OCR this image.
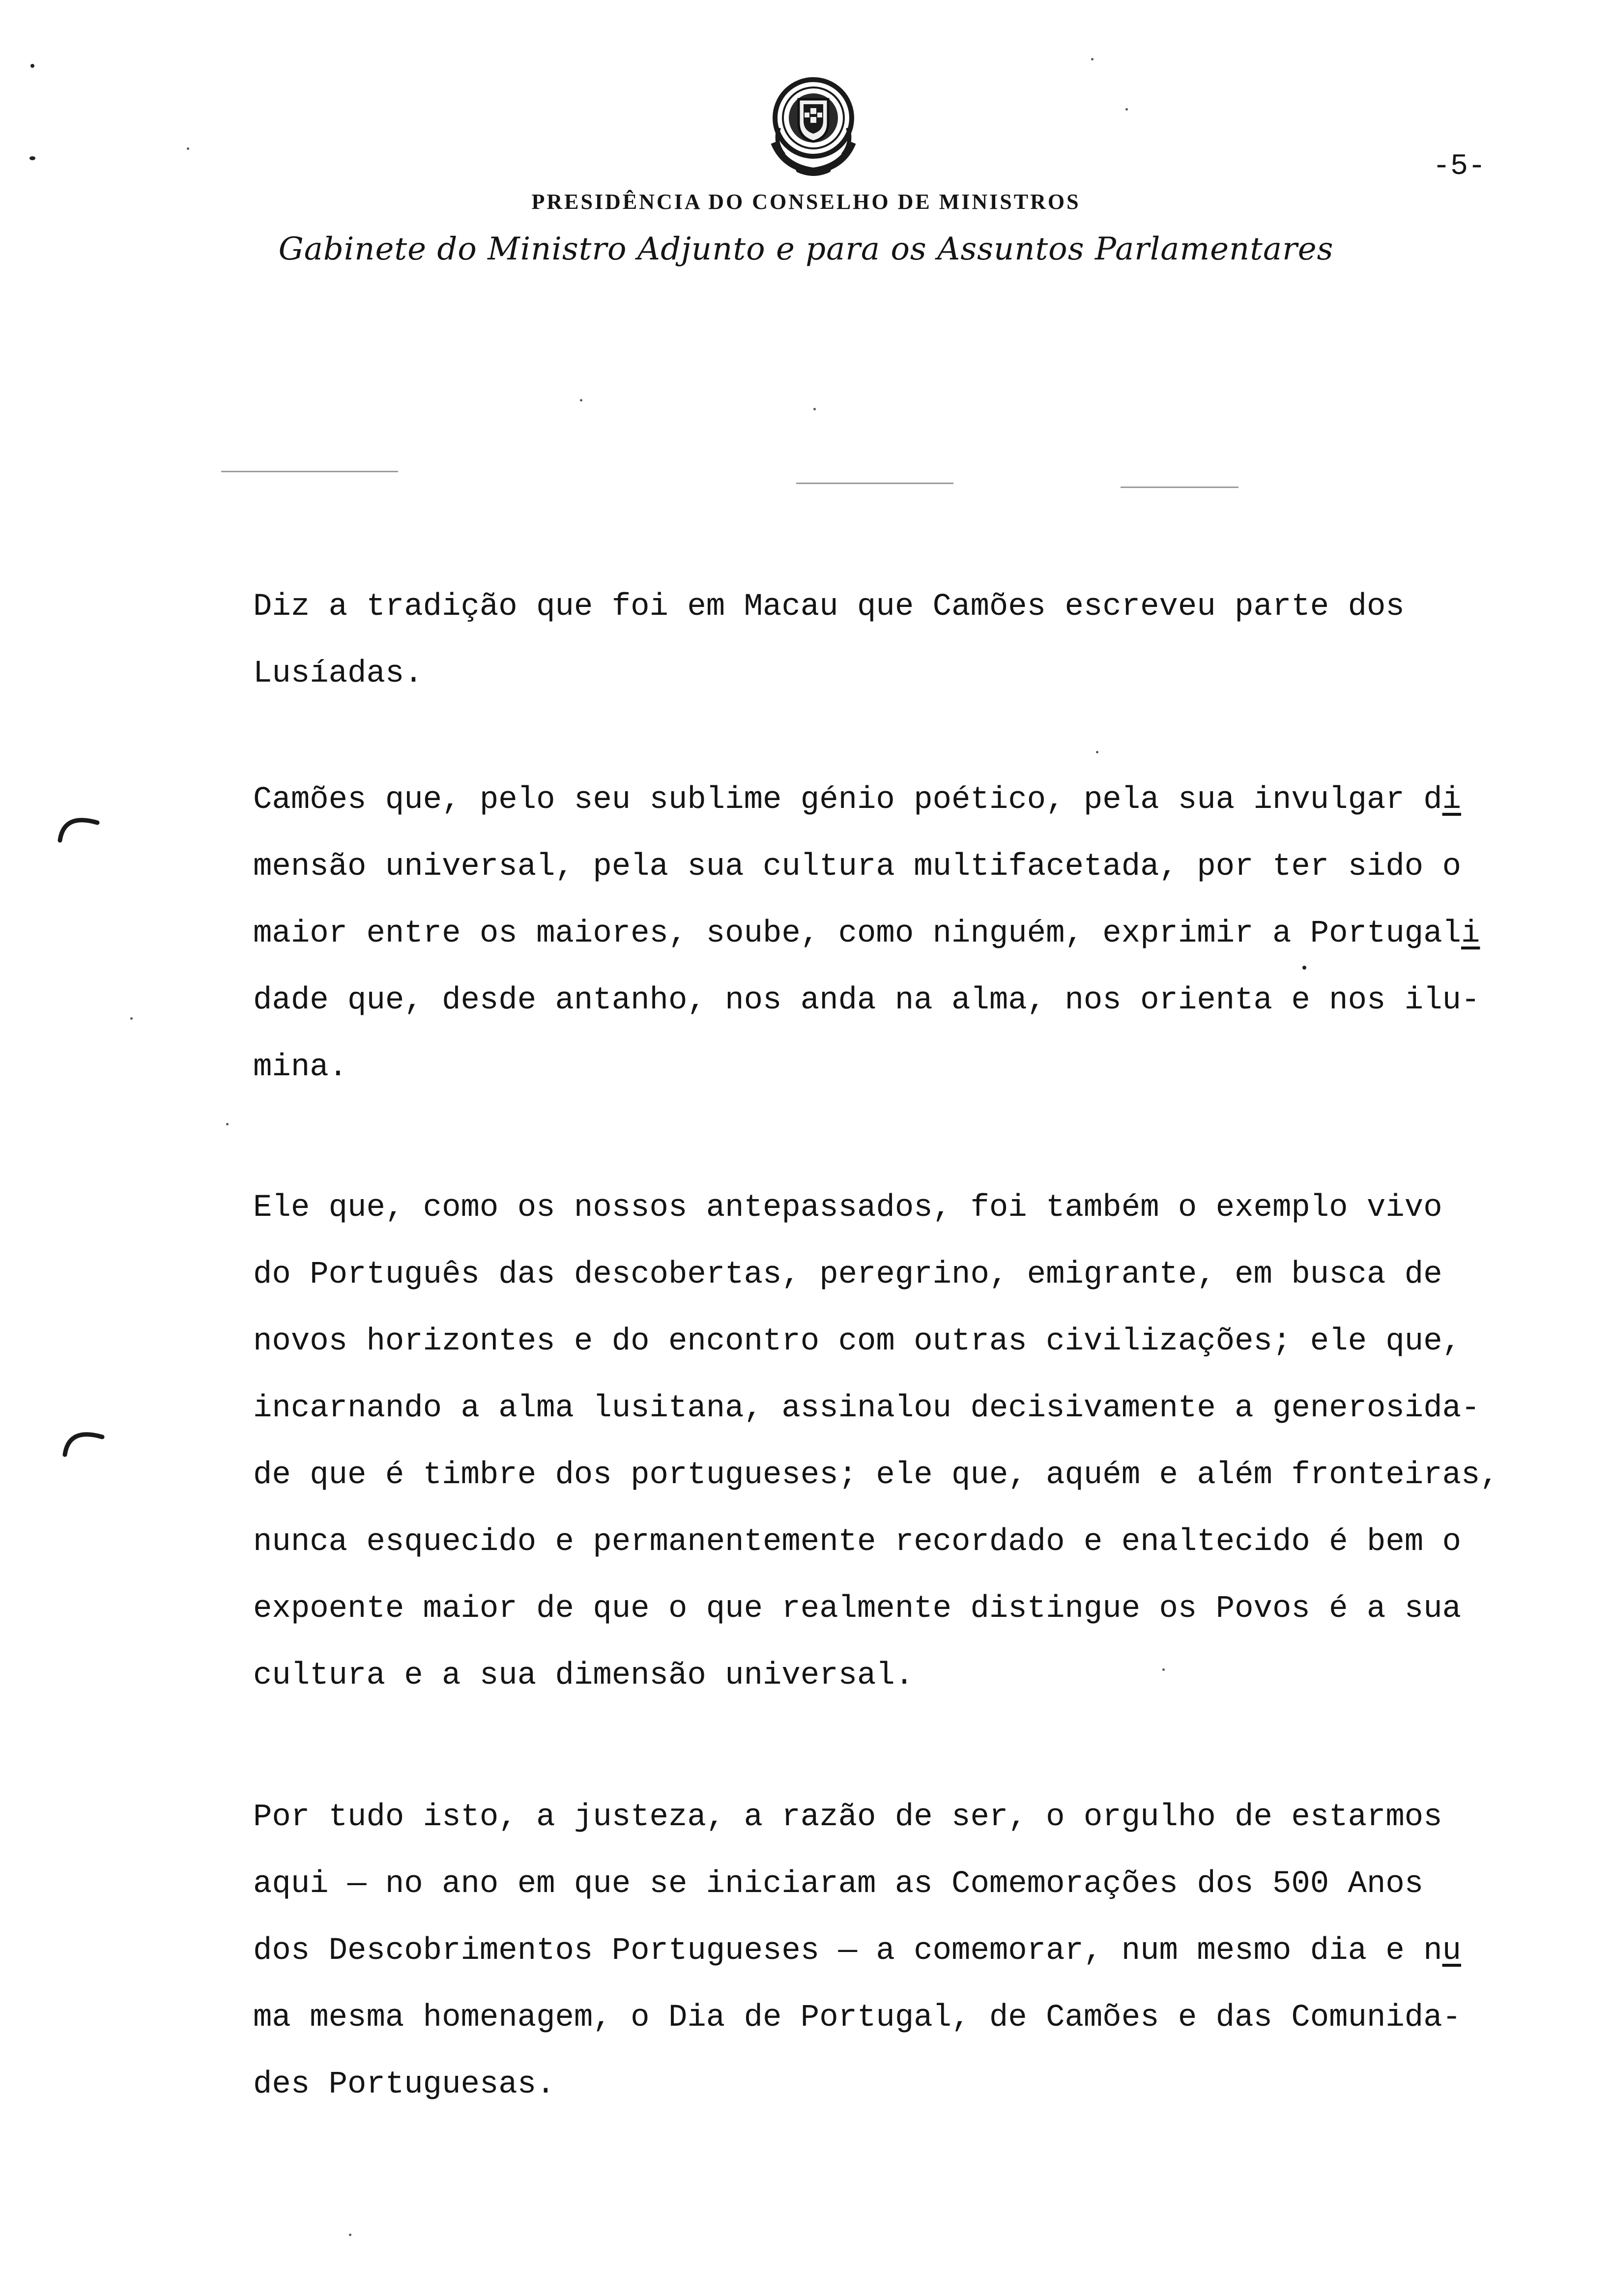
PRESIDÊNCIA DO CONSELHO DE MINISTROS
Gabinete do Ministro Adjunto e para os Assuntos Parlamentares
-5-
Diz a tradição que foi em Macau que Camões escreveu parte dos
Lusíadas.
Camões que, pelo seu sublime génio poético, pela sua invulgar di
mensão universal, pela sua cultura multifacetada, por ter sido o
maior entre os maiores, soube, como ninguém, exprimir a Portugali
dade que, desde antanho, nos anda na alma, nos orienta e nos ilu-
mina.
Ele que, como os nossos antepassados, foi também o exemplo vivo
do Português das descobertas, peregrino, emigrante, em busca de
novos horizontes e do encontro com outras civilizações; ele que,
incarnando a alma lusitana, assinalou decisivamente a generosida-
de que é timbre dos portugueses; ele que, aquém e além fronteiras,
nunca esquecido e permanentemente recordado e enaltecido é bem o
expoente maior de que o que realmente distingue os Povos é a sua
cultura e a sua dimensão universal.
Por tudo isto, a justeza, a razão de ser, o orgulho de estarmos
aqui — no ano em que se iniciaram as Comemorações dos 500 Anos
dos Descobrimentos Portugueses — a comemorar, num mesmo dia e nu
ma mesma homenagem, o Dia de Portugal, de Camões e das Comunida-
des Portuguesas.
